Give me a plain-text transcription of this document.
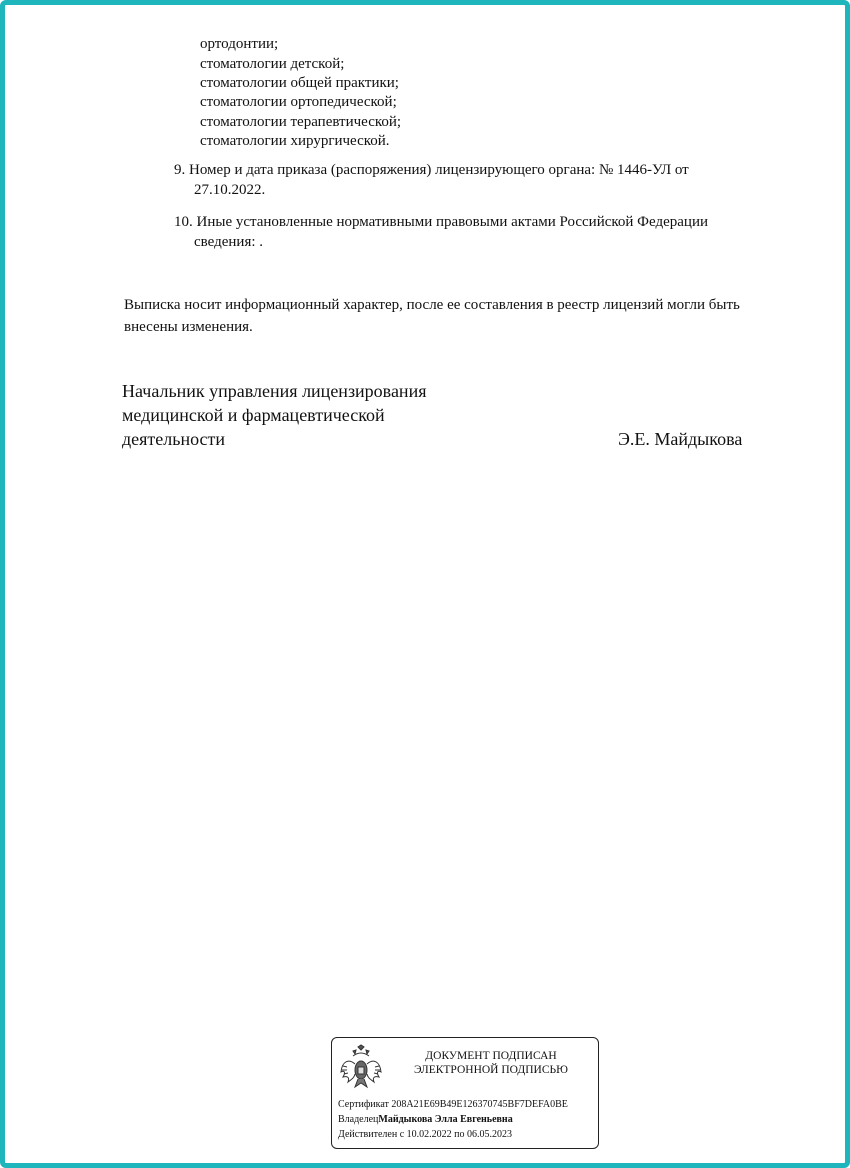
ортодонтии;
стоматологии детской;
стоматологии общей практики;
стоматологии ортопедической;
стоматологии терапевтической;
стоматологии хирургической.
9. Номер и дата приказа (распоряжения) лицензирующего органа: № 1446-УЛ от
27.10.2022.
10. Иные установленные нормативными правовыми актами Российской Федерации
сведения: .
Выписка носит информационный характер, после ее составления в реестр лицензий могли быть
внесены изменения.
Начальник управления лицензирования
медицинской и фармацевтической
деятельности	Э.Е. Майдыкова
ДОКУМЕНТ ПОДПИСАН
ЭЛЕКТРОННОЙ ПОДПИСЬЮ
Сертификат 208A21E69B49E126370745BF7DEFA0BE
ВладелецМайдыкова Элла Евгеньевна
Действителен с 10.02.2022 по 06.05.2023
